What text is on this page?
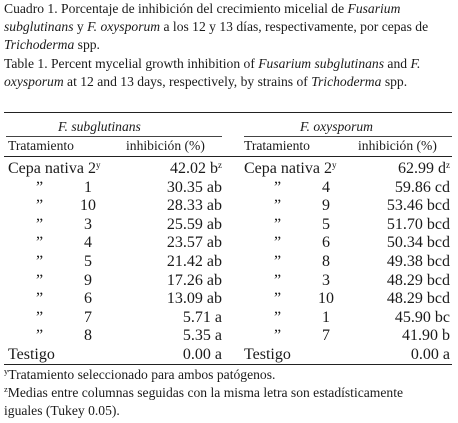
Cuadro 1. Porcentaje de inhibición del crecimiento micelial de Fusarium subglutinans y F. oxysporum a los 12 y 13 días, respectivamente, por cepas de Trichoderma spp.

Table 1. Percent mycelial growth inhibition of Fusarium subglutinans and F. oxysporum at 12 and 13 days, respectively, by strains of Trichoderma spp.

F. subglutinans	F. oxysporum
Tratamiento	inhibición (%)	Tratamiento	inhibición (%)
Cepa nativa 2$^y$	42.02 $b^z$ Cepa nativa 2$^y$	62.99 $d^z$
”	1	30.35 ab	”	4	59.86 cd
” 10	28.33 ab	”	9	53.46 bcd
”	3	25.59 ab	”	5	51.70 bcd
”	4	23.57 ab	”	6	50.34 bcd
”	5	21.42 ab	”	8	49.38 bcd
”	9	17.26 ab	”	3	48.29 bcd
”	6	13.09 ab	” 10	48.29 bcd
”	7	5.71 a	”	1	45.90 bc
”	8	5.35 a	”	7	41.90 b
Testigo	0.00 a Testigo	0.00 a
$^y$Tratamiento seleccionado para ambos patógenos.
$^z$Medias entre columnas seguidas con la misma letra son estadísticamente
iguales (Tukey 0.05).
